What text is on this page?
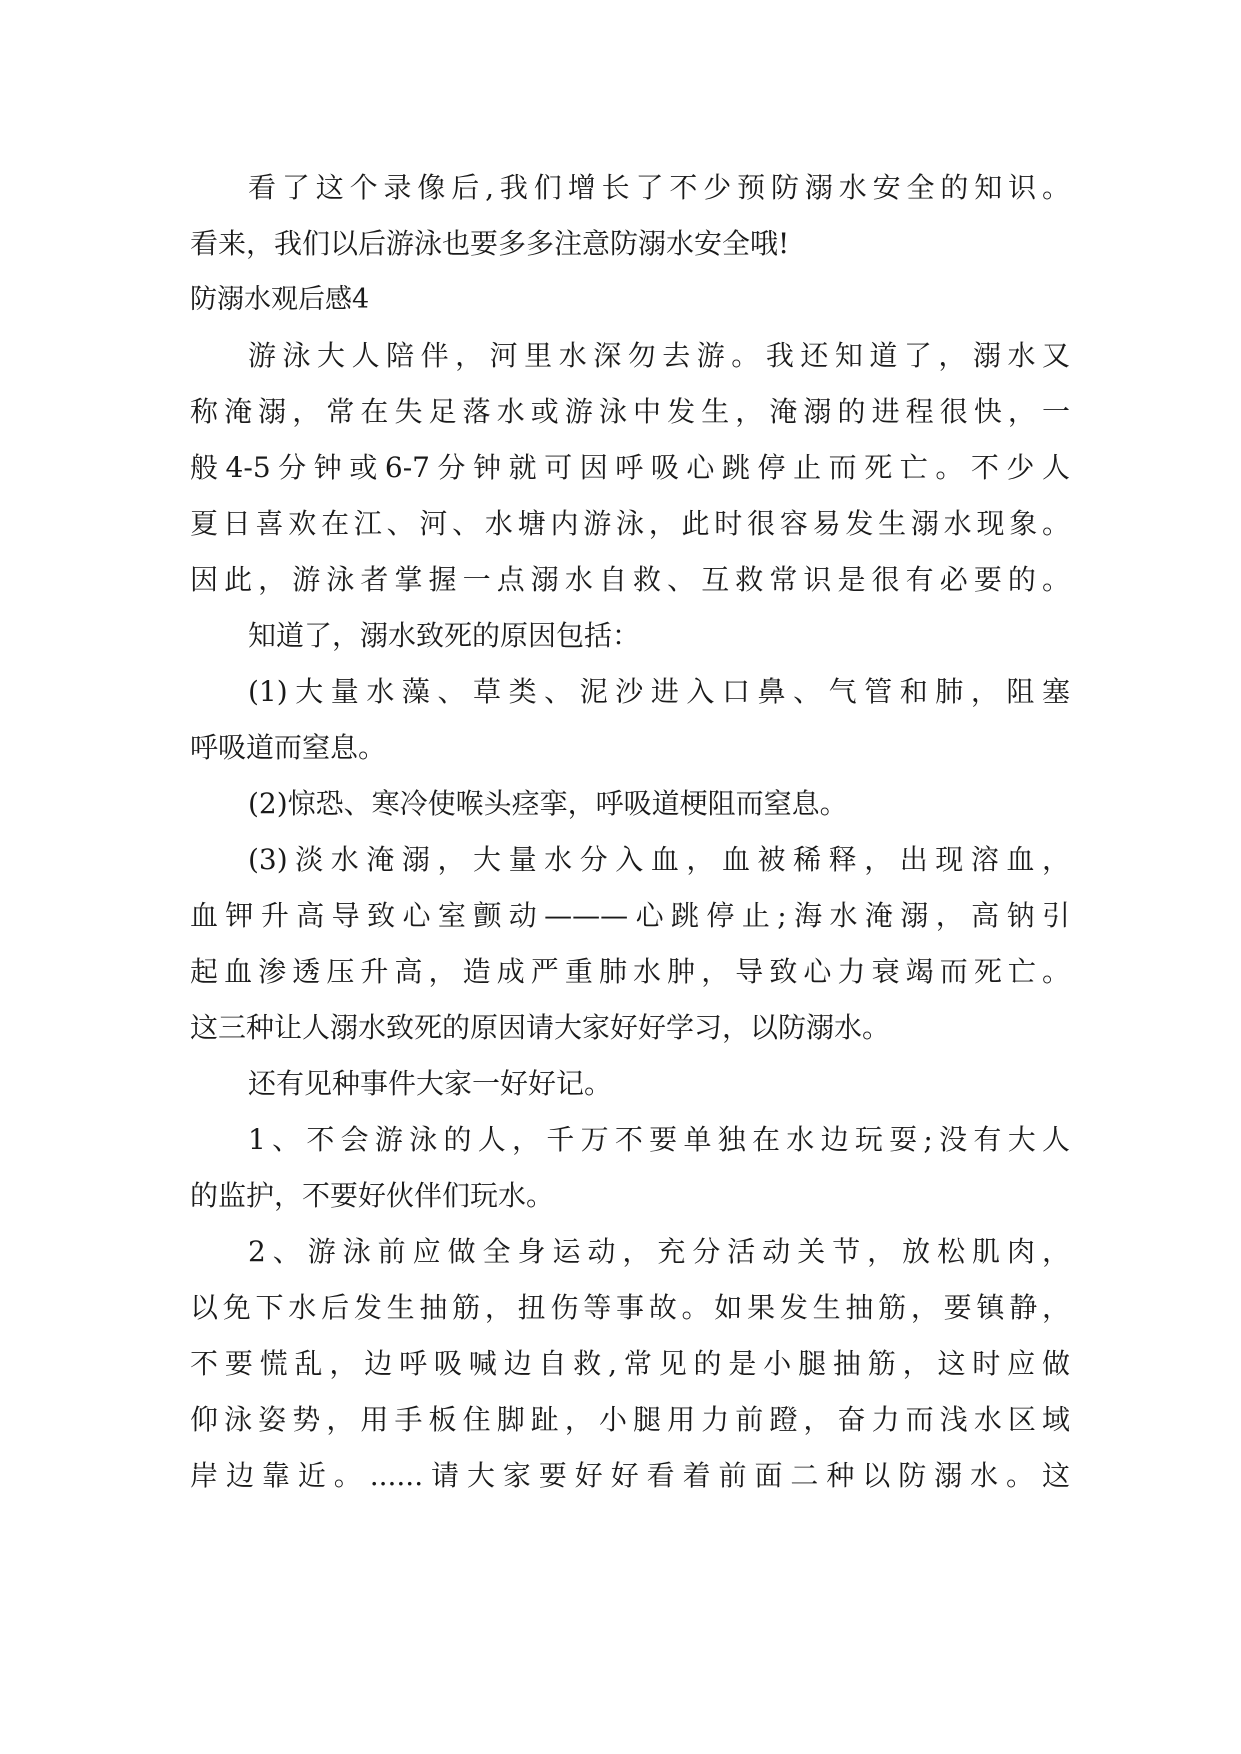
看了这个录像后,我们增长了不少预防溺水安全的知识。
看来，我们以后游泳也要多多注意防溺水安全哦!
防溺水观后感4
游泳大人陪伴，河里水深勿去游。我还知道了，溺水又
称淹溺，常在失足落水或游泳中发生，淹溺的进程很快，一
般4-5分钟或6-7分钟就可因呼吸心跳停止而死亡。不少人
夏日喜欢在江、河、水塘内游泳，此时很容易发生溺水现象。
因此，游泳者掌握一点溺水自救、互救常识是很有必要的。
知道了，溺水致死的原因包括：
(1)大量水藻、草类、泥沙进入口鼻、气管和肺，阻塞
呼吸道而窒息。
(2)惊恐、寒冷使喉头痉挛，呼吸道梗阻而窒息。
(3)淡水淹溺，大量水分入血，血被稀释，出现溶血，
血钾升高导致心室颤动———心跳停止;海水淹溺，高钠引
起血渗透压升高，造成严重肺水肿，导致心力衰竭而死亡。
这三种让人溺水致死的原因请大家好好学习，以防溺水。
还有见种事件大家一好好记。
1、不会游泳的人，千万不要单独在水边玩耍;没有大人
的监护，不要好伙伴们玩水。
2、游泳前应做全身运动，充分活动关节，放松肌肉，
以免下水后发生抽筋，扭伤等事故。如果发生抽筋，要镇静，
不要慌乱，边呼吸喊边自救,常见的是小腿抽筋，这时应做
仰泳姿势，用手板住脚趾，小腿用力前蹬，奋力而浅水区域
岸边靠近。......请大家要好好看着前面二种以防溺水。这
